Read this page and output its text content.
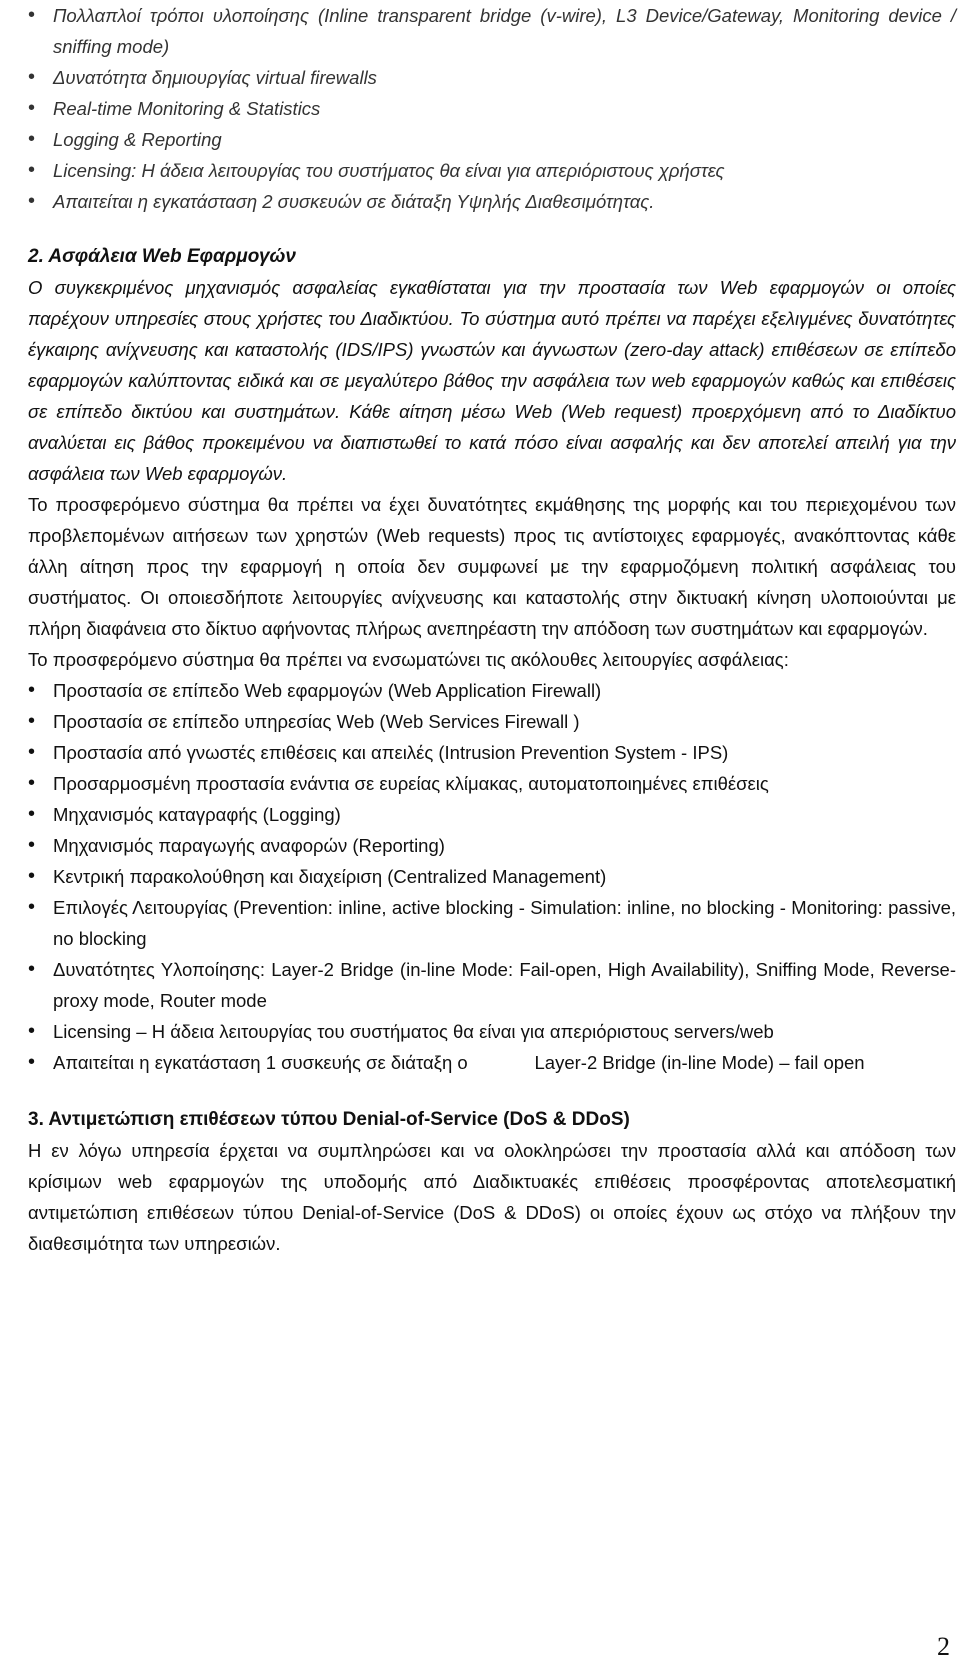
• Πολλαπλοί τρόποι υλοποίησης (Inline transparent bridge (v-wire), L3 Device/Gateway, Monitoring device / sniffing mode)
• Δυνατότητα δημιουργίας virtual firewalls
• Real-time Monitoring & Statistics
• Logging & Reporting
• Licensing: Η άδεια λειτουργίας του συστήματος θα είναι για απεριόριστους χρήστες
• Απαιτείται η εγκατάσταση 2 συσκευών σε διάταξη Υψηλής Διαθεσιμότητας.
2. Ασφάλεια Web Εφαρμογών

Ο συγκεκριμένος μηχανισμός ασφαλείας εγκαθίσταται για την προστασία των Web εφαρμογών οι οποίες παρέχουν υπηρεσίες στους χρήστες του Διαδικτύου. Το σύστημα αυτό πρέπει να παρέχει εξελιγμένες δυνατότητες έγκαιρης ανίχνευσης και καταστολής (IDS/IPS) γνωστών και άγνωστων (zero-day attack) επιθέσεων σε επίπεδο εφαρμογών καλύπτοντας ειδικά και σε μεγαλύτερο βάθος την ασφάλεια των web εφαρμογών καθώς και επιθέσεις σε επίπεδο δικτύου και συστημάτων. Κάθε αίτηση μέσω Web (Web request) προερχόμενη από το Διαδίκτυο αναλύεται εις βάθος προκειμένου να διαπιστωθεί το κατά πόσο είναι ασφαλής και δεν αποτελεί απειλή για την ασφάλεια των Web εφαρμογών.

Το προσφερόμενο σύστημα θα πρέπει να έχει δυνατότητες εκμάθησης της μορφής και του περιεχομένου των προβλεπομένων αιτήσεων των χρηστών (Web requests) προς τις αντίστοιχες εφαρμογές, ανακόπτοντας κάθε άλλη αίτηση προς την εφαρμογή η οποία δεν συμφωνεί με την εφαρμοζόμενη πολιτική ασφάλειας του συστήματος. Οι οποιεσδήποτε λειτουργίες ανίχνευσης και καταστολής στην δικτυακή κίνηση υλοποιούνται με πλήρη διαφάνεια στο δίκτυο αφήνοντας πλήρως ανεπηρέαστη την απόδοση των συστημάτων και εφαρμογών.

Το προσφερόμενο σύστημα θα πρέπει να ενσωματώνει τις ακόλουθες λειτουργίες ασφάλειας:

• Προστασία σε επίπεδο Web εφαρμογών (Web Application Firewall)
• Προστασία σε επίπεδο υπηρεσίας Web (Web Services Firewall )
• Προστασία από γνωστές επιθέσεις και απειλές (Intrusion Prevention System - IPS)
• Προσαρμοσμένη προστασία ενάντια σε ευρείας κλίμακας, αυτοματοποιημένες επιθέσεις
• Μηχανισμός καταγραφής (Logging)
• Μηχανισμός παραγωγής αναφορών (Reporting)
• Κεντρική παρακολούθηση και διαχείριση (Centralized Management)
• Επιλογές Λειτουργίας (Prevention: inline, active blocking - Simulation: inline, no blocking - Monitoring: passive, no blocking
• Δυνατότητες Υλοποίησης: Layer-2 Bridge (in-line Mode: Fail-open, High Availability), Sniffing Mode, Reverse-proxy mode, Router mode
• Licensing – Η άδεια λειτουργίας του συστήματος θα είναι για απεριόριστους servers/web
• Απαιτείται η εγκατάσταση 1 συσκευής σε διάταξη ο             Layer-2 Bridge (in-line Mode) – fail open
3. Αντιμετώπιση επιθέσεων τύπου Denial-of-Service (DoS & DDoS)

Η εν λόγω υπηρεσία έρχεται να συμπληρώσει και να ολοκληρώσει την προστασία αλλά και απόδοση των κρίσιμων web εφαρμογών της υποδομής από Διαδικτυακές επιθέσεις προσφέροντας αποτελεσματική αντιμετώπιση επιθέσεων τύπου Denial-of-Service (DoS & DDoS) οι οποίες έχουν ως στόχο να πλήξουν την διαθεσιμότητα των υπηρεσιών.

2
